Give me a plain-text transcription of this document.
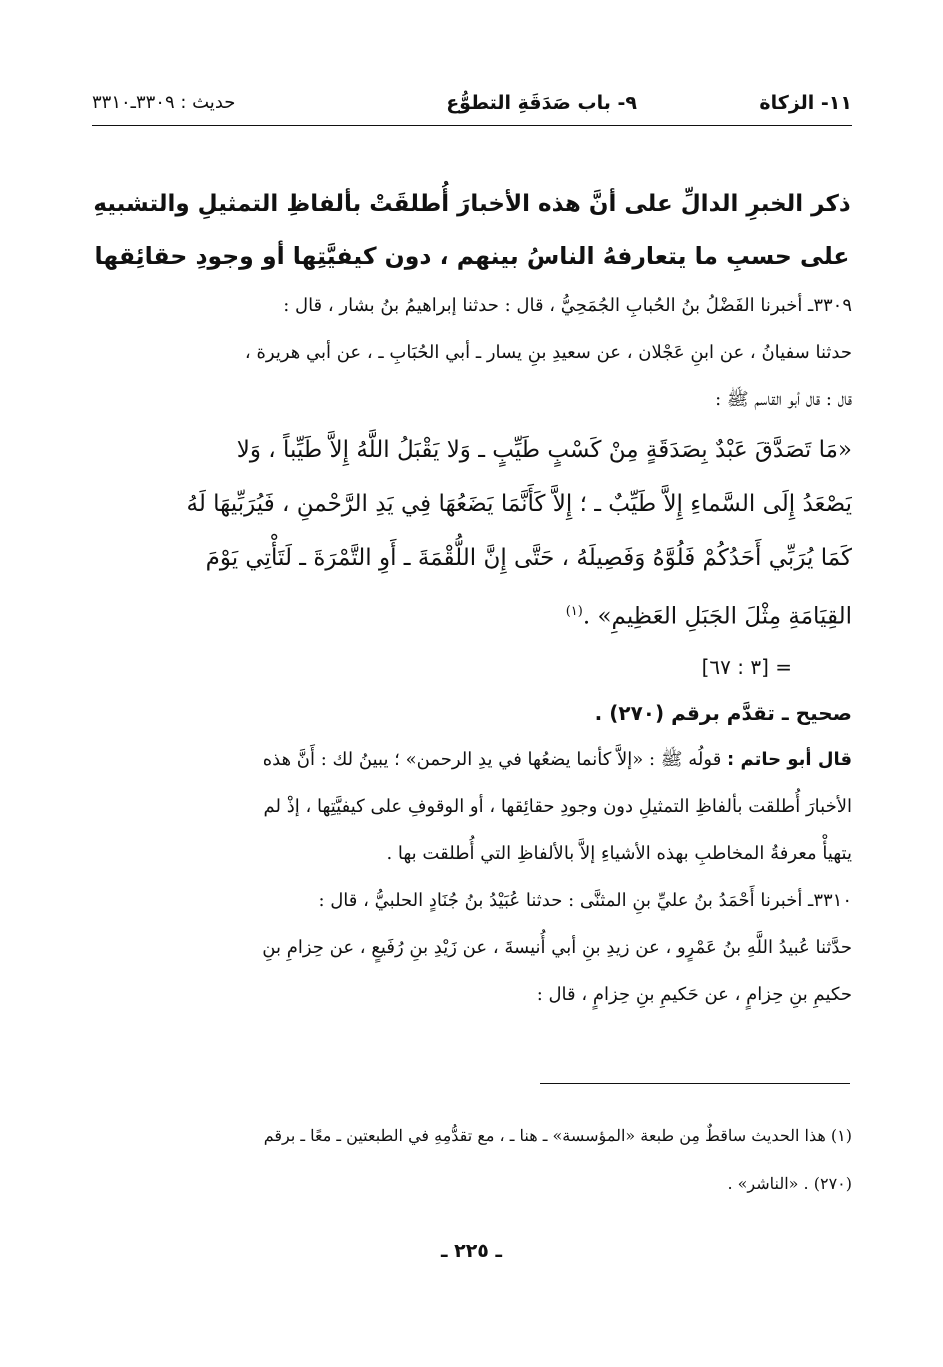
١١- الزكاة
٩- باب صَدَقَةِ التطوُّع
حديث : ٣٣٠٩ـ٣٣١٠

ذكر الخبرِ الدالِّ على أنَّ هذه الأخبارَ أُطلقَتْ بألفاظِ التمثيلِ والتشبيهِ

على حسبِ ما يتعارفهُ الناسُ بينهم ، دون كيفيَّتِها أو وجودِ حقائِقها

٣٣٠٩ـ أخبرنا الفَضْلُ بنُ الحُبابِ الجُمَحِيُّ ، قال : حدثنا إبراهيمُ بنُ بشار ، قال :

حدثنا سفيانُ ، عن ابنِ عَجْلان ، عن سعيدِ بنِ يسار ـ أبي الحُبَابِ ـ ، عن أبي هريرة ،

قال : قال أبو القاسم ﷺ :

«مَا تَصَدَّقَ عَبْدٌ بِصَدَقَةٍ مِنْ كَسْبٍ طَيِّبٍ ـ وَلا يَقْبَلُ اللَّهُ إِلاَّ طَيِّباً ، وَلا

يَصْعَدُ إِلَى السَّماءِ إِلاَّ طَيِّبٌ ـ ؛ إِلاَّ كَأَنَّمَا يَضَعُهَا فِي يَدِ الرَّحْمنِ ، فَيُرَبِّيهَا لَهُ

كَمَا يُرَبِّي أَحَدُكُمْ فَلُوَّهُ وَفَصِيلَهُ ، حَتَّى إِنَّ اللُّقْمَةَ ـ أَوِ التَّمْرَةَ ـ لَتَأْتِي يَوْمَ

القِيَامَةِ مِثْلَ الجَبَلِ العَظِيمِ» .$^{(١)}$

= [٣ : ٦٧]

صحيح ـ تقدَّم برقم (٢٧٠) .

قال أبو حاتم : قولُه ﷺ : «إلاَّ كأنما يضعُها في يدِ الرحمن» ؛ يبينُ لك : أَنَّ هذه

الأخبارَ أُطلقت بألفاظِ التمثيلِ دون وجودِ حقائِقها ، أو الوقوفِ على كيفيَّتِها ، إذْ لم

يتهيأْ معرفةُ المخاطبِ بهذه الأشياءِ إلاَّ بالألفاظِ التي أُطلقت بها .

٣٣١٠ـ أخبرنا أَحْمَدُ بنُ عليِّ بنِ المثنَّى : حدثنا عُبَيْدُ بنُ جُنَادٍ الحلبيُّ ، قال :

حدَّثنا عُبيدُ اللَّهِ بنُ عَمْرٍو ، عن زيدِ بنِ أبي أُنيسةَ ، عن زَيْدِ بنِ رُفَيعٍ ، عن حِزامِ بنِ

حكيمِ بنِ حِزامٍ ، عن حَكيمِ بنِ حِزامٍ ، قال :

(١) هذا الحديث ساقطٌ مِن طبعة «المؤسسة» ـ هنا ـ ، مع تقدُّمِهِ في الطبعتين ـ معًا ـ برقم

(٢٧٠) . «الناشر» .

ـ ٢٢٥ ـ
